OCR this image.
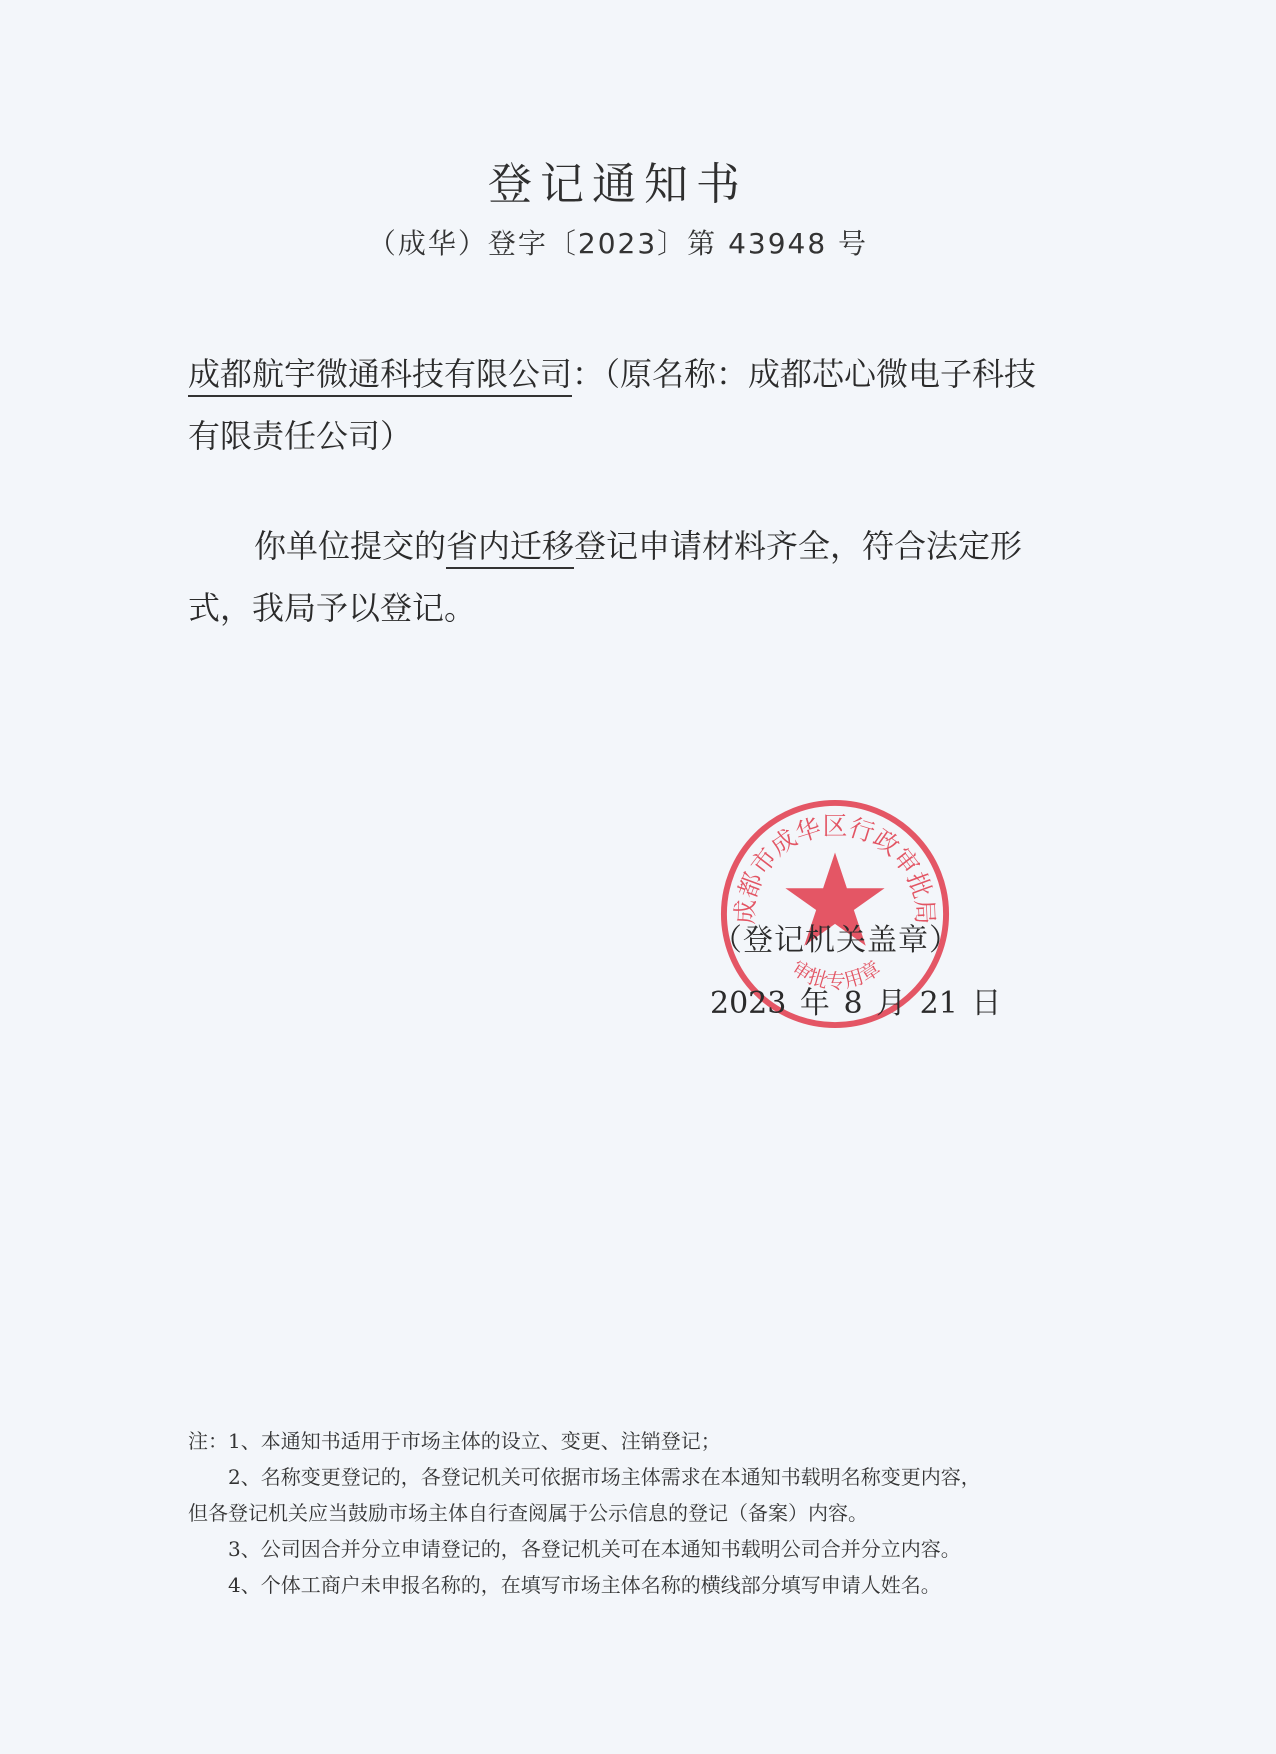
登记通知书
（成华）登字〔2023〕第 43948 号
成都航宇微通科技有限公司：（原名称：成都芯心微电子科技有限责任公司）
你单位提交的省内迁移登记申请材料齐全，符合法定形式，我局予以登记。
成都市成华区行政审批局
审批专用章
（登记机关盖章）
2023 年 8 月 21 日
注：1、本通知书适用于市场主体的设立、变更、注销登记；
2、名称变更登记的，各登记机关可依据市场主体需求在本通知书载明名称变更内容，
但各登记机关应当鼓励市场主体自行查阅属于公示信息的登记（备案）内容。
3、公司因合并分立申请登记的，各登记机关可在本通知书载明公司合并分立内容。
4、个体工商户未申报名称的，在填写市场主体名称的横线部分填写申请人姓名。
